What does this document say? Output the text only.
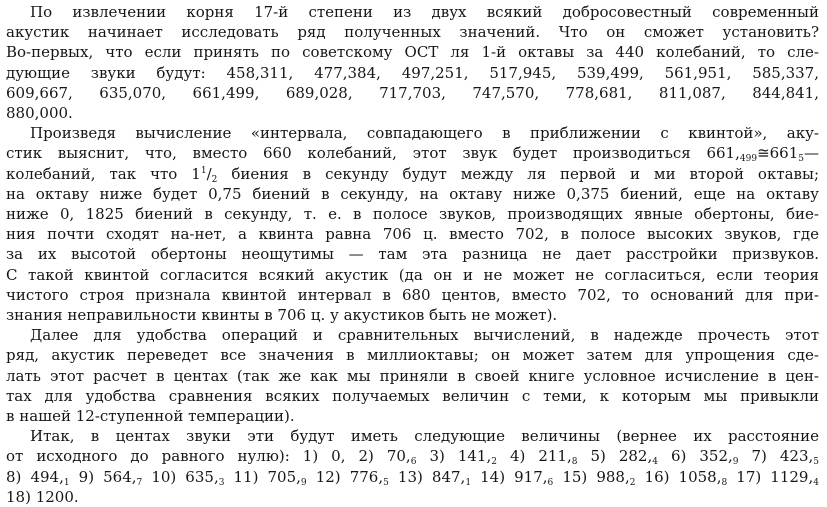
По извлечении корня 17-й степени из двух всякий добросовестный современный
акустик начинает исследовать ряд полученных значений. Что он сможет установить?
Во-первых, что если принять по советскому ОСТ ля 1-й октавы за 440 колебаний, то сле-
дующие звуки будут: 458,311, 477,384, 497,251, 517,945, 539,499, 561,951, 585,337,
609,667, 635,070, 661,499, 689,028, 717,703, 747,570, 778,681, 811,087, 844,841,
880,000.

Произведя вычисление «интервала, совпадающего в приближении с квинтой», аку-
стик выяснит, что, вместо 660 колебаний, этот звук будет производиться $661,_{499}≅661_5—$
колебаний, так что $1^1/_2$ биения в секунду будут между ля первой и ми второй октавы;
на октаву ниже будет 0,75 биений в секунду, на октаву ниже 0,375 биений, еще на октаву
ниже 0, 1825 биений в секунду, т. е. в полосе звуков, производящих явные обертоны, бие-
ния почти сходят на-нет, а квинта равна 706 ц. вместо 702, в полосе высоких звуков, где
за их высотой обертоны неощутимы — там эта разница не дает расстройки призвуков.
С такой квинтой согласится всякий акустик (да он и не может не согласиться, если теория
чистого строя признала квинтой интервал в 680 центов, вместо 702, то оснований для при-
знания неправильности квинты в 706 ц. у акустиков быть не может).

Далее для удобства операций и сравнительных вычислений, в надежде прочесть этот
ряд, акустик переведет все значения в миллиоктавы; он может затем для упрощения сде-
лать этот расчет в центах (так же как мы приняли в своей книге условное исчисление в цен-
тах для удобства сравнения всяких получаемых величин с теми, к которым мы привыкли
в нашей 12-ступенной темперации).

Итак, в центах звуки эти будут иметь следующие величины (вернее их расстояние
от исходного до равного нулю): 1) 0, 2) $70,_6$ 3) $141,_2$ 4) $211,_8$ 5) $282,_4$ 6) $352,_9$ 7) $423,_5$
8) $494,_1$ 9) $564,_7$ 10) $635,_3$ 11) $705,_9$ 12) $776,_5$ 13) $847,_1$ 14) $917,_6$ 15) $988,_2$ 16) $1058,_8$ 17) $1129,_4$
18) 1200.
